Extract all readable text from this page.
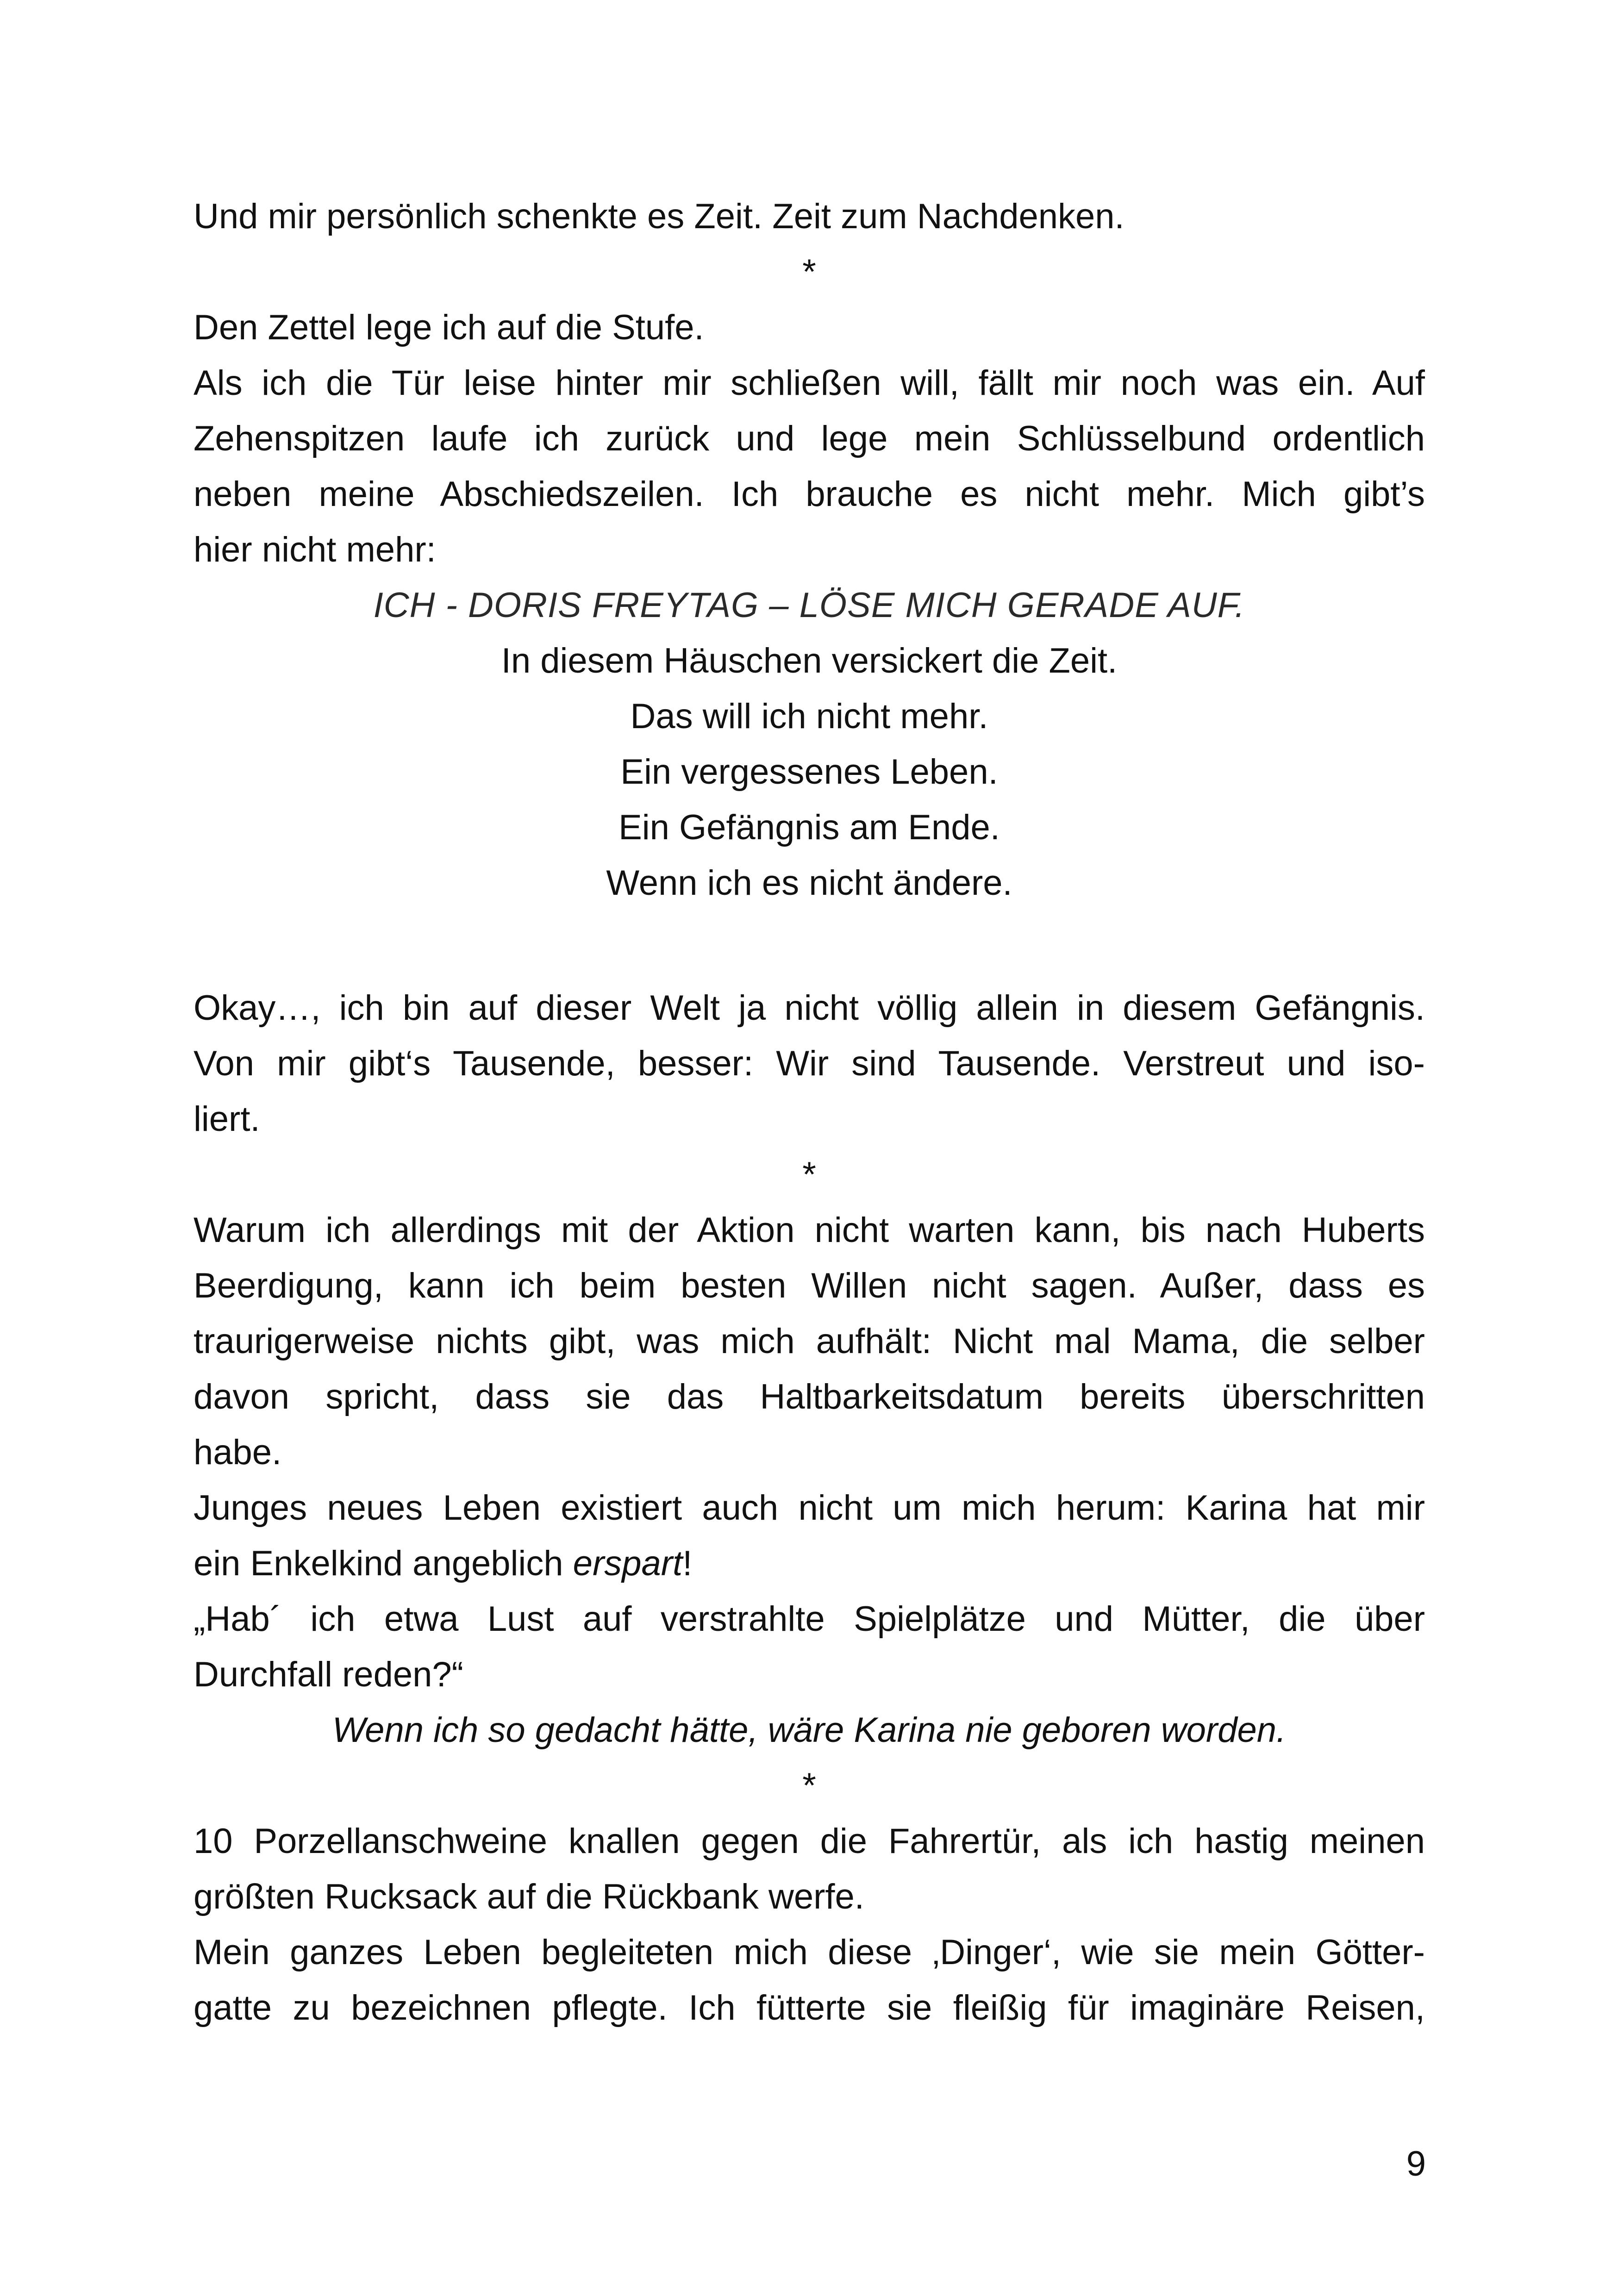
Und mir persönlich schenkte es Zeit. Zeit zum Nachdenken.
*
Den Zettel lege ich auf die Stufe.
Als ich die Tür leise hinter mir schließen will, fällt mir noch was ein. Auf
Zehenspitzen laufe ich zurück und lege mein Schlüsselbund ordentlich
neben meine Abschiedszeilen. Ich brauche es nicht mehr. Mich gibt’s
hier nicht mehr:
ICH - DORIS FREYTAG – LÖSE MICH GERADE AUF.
In diesem Häuschen versickert die Zeit.
Das will ich nicht mehr.
Ein vergessenes Leben.
Ein Gefängnis am Ende.
Wenn ich es nicht ändere.
Okay…, ich bin auf dieser Welt ja nicht völlig allein in diesem Gefängnis.
Von mir gibt‘s Tausende, besser: Wir sind Tausende. Verstreut und iso-
liert.
*
Warum ich allerdings mit der Aktion nicht warten kann, bis nach Huberts
Beerdigung, kann ich beim besten Willen nicht sagen. Außer, dass es
traurigerweise nichts gibt, was mich aufhält: Nicht mal Mama, die selber
davon spricht, dass sie das Haltbarkeitsdatum bereits überschritten
habe.
Junges neues Leben existiert auch nicht um mich herum: Karina hat mir
ein Enkelkind angeblich erspart!
„Hab´ ich etwa Lust auf verstrahlte Spielplätze und Mütter, die über
Durchfall reden?“
Wenn ich so gedacht hätte, wäre Karina nie geboren worden.
*
10 Porzellanschweine knallen gegen die Fahrertür, als ich hastig meinen
größten Rucksack auf die Rückbank werfe.
Mein ganzes Leben begleiteten mich diese ‚Dinger‘, wie sie mein Götter-
gatte zu bezeichnen pflegte. Ich fütterte sie fleißig für imaginäre Reisen,
9
